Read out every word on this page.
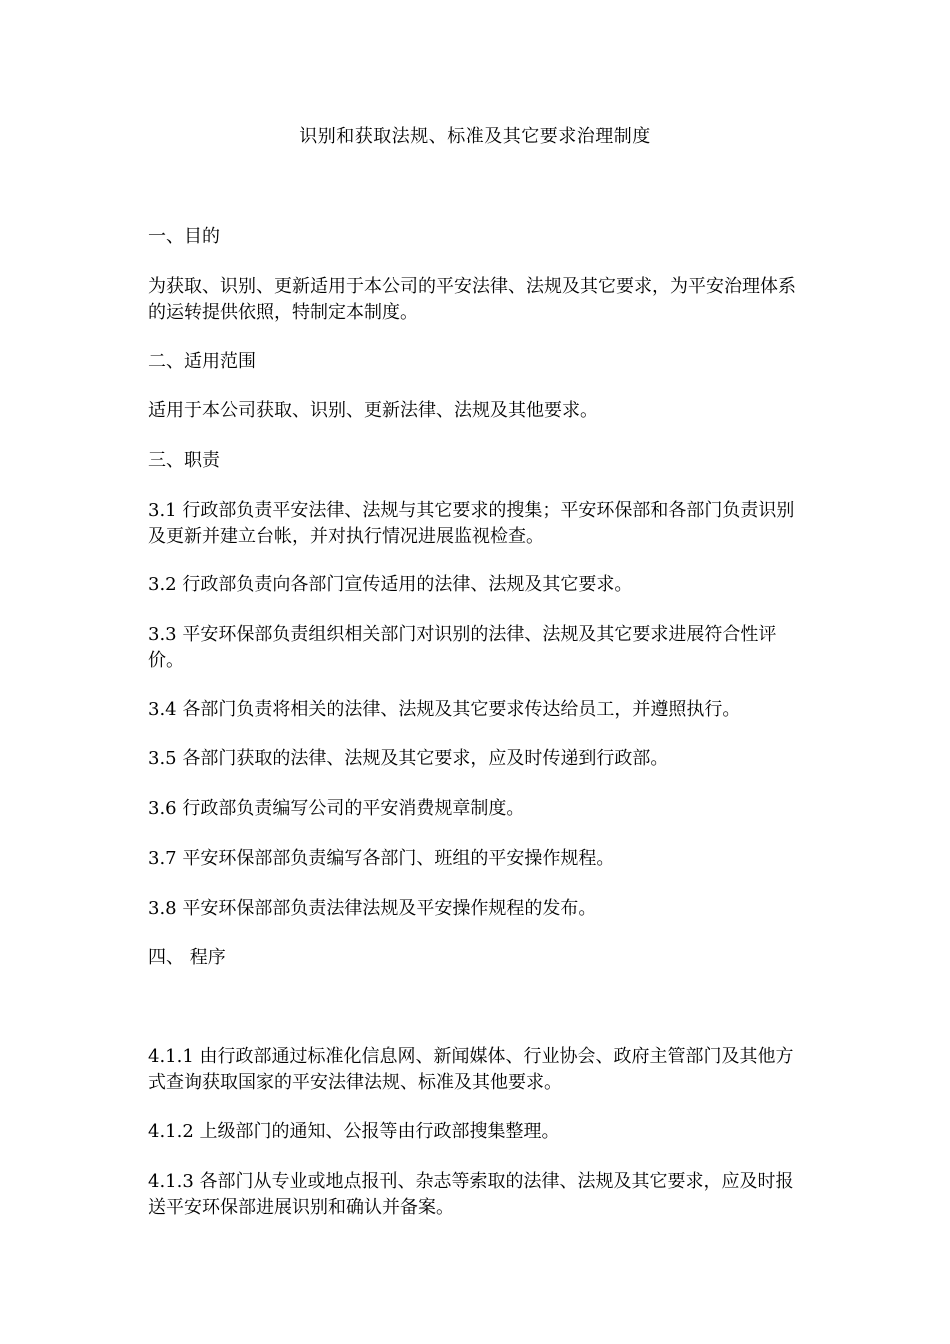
识别和获取法规、标准及其它要求治理制度

一、目的

为获取、识别、更新适用于本公司的平安法律、法规及其它要求，为平安治理体系的运转提供依照，特制定本制度。

二、适用范围

适用于本公司获取、识别、更新法律、法规及其他要求。

三、职责

3.1 行政部负责平安法律、法规与其它要求的搜集；平安环保部和各部门负责识别及更新并建立台帐，并对执行情况进展监视检查。

3.2 行政部负责向各部门宣传适用的法律、法规及其它要求。

3.3 平安环保部负责组织相关部门对识别的法律、法规及其它要求进展符合性评价。

3.4 各部门负责将相关的法律、法规及其它要求传达给员工，并遵照执行。

3.5 各部门获取的法律、法规及其它要求，应及时传递到行政部。

3.6 行政部负责编写公司的平安消费规章制度。

3.7 平安环保部部负责编写各部门、班组的平安操作规程。

3.8 平安环保部部负责法律法规及平安操作规程的发布。

四、 程序

4.1.1 由行政部通过标准化信息网、新闻媒体、行业协会、政府主管部门及其他方式查询获取国家的平安法律法规、标准及其他要求。

4.1.2 上级部门的通知、公报等由行政部搜集整理。

4.1.3 各部门从专业或地点报刊、杂志等索取的法律、法规及其它要求，应及时报送平安环保部进展识别和确认并备案。
